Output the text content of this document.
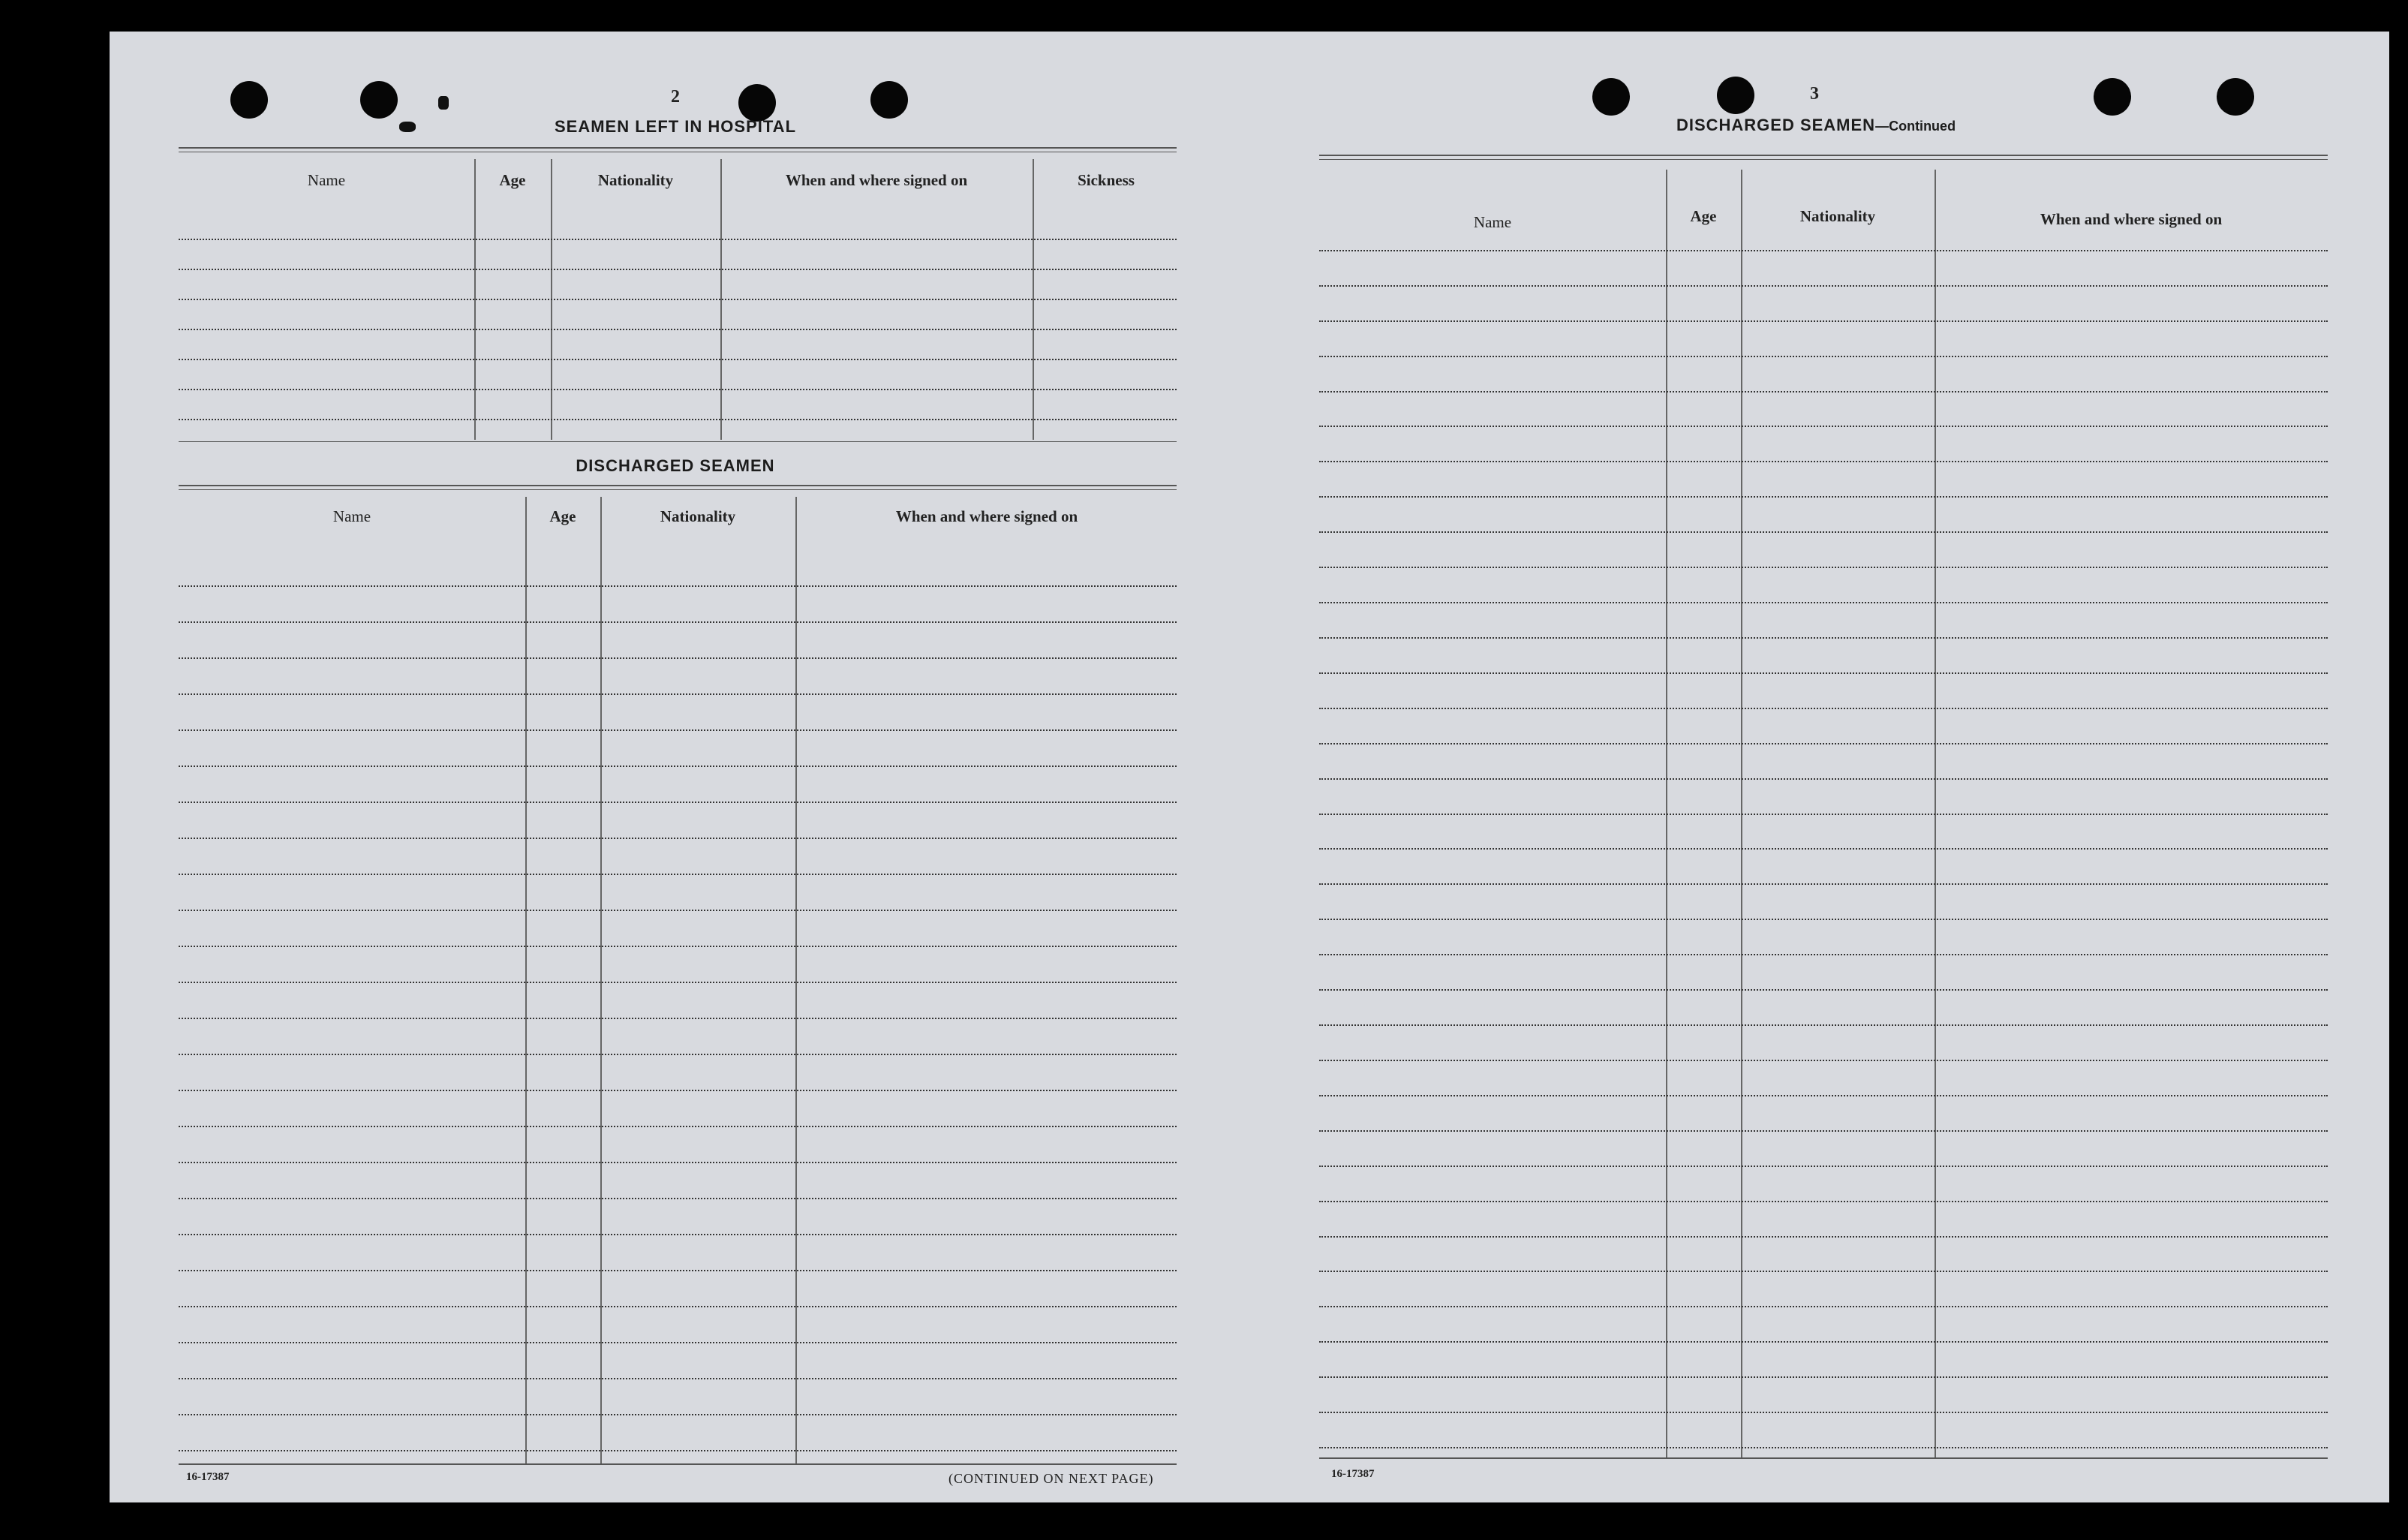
2
SEAMEN LEFT IN HOSPITAL
Name	Age	Nationality	When and where signed on	Sickness
DISCHARGED SEAMEN
Name	Age	Nationality	When and where signed on
16-17387	(CONTINUED ON NEXT PAGE)
3
DISCHARGED SEAMEN—Continued
Name	Age	Nationality	When and where signed on
16-17387
